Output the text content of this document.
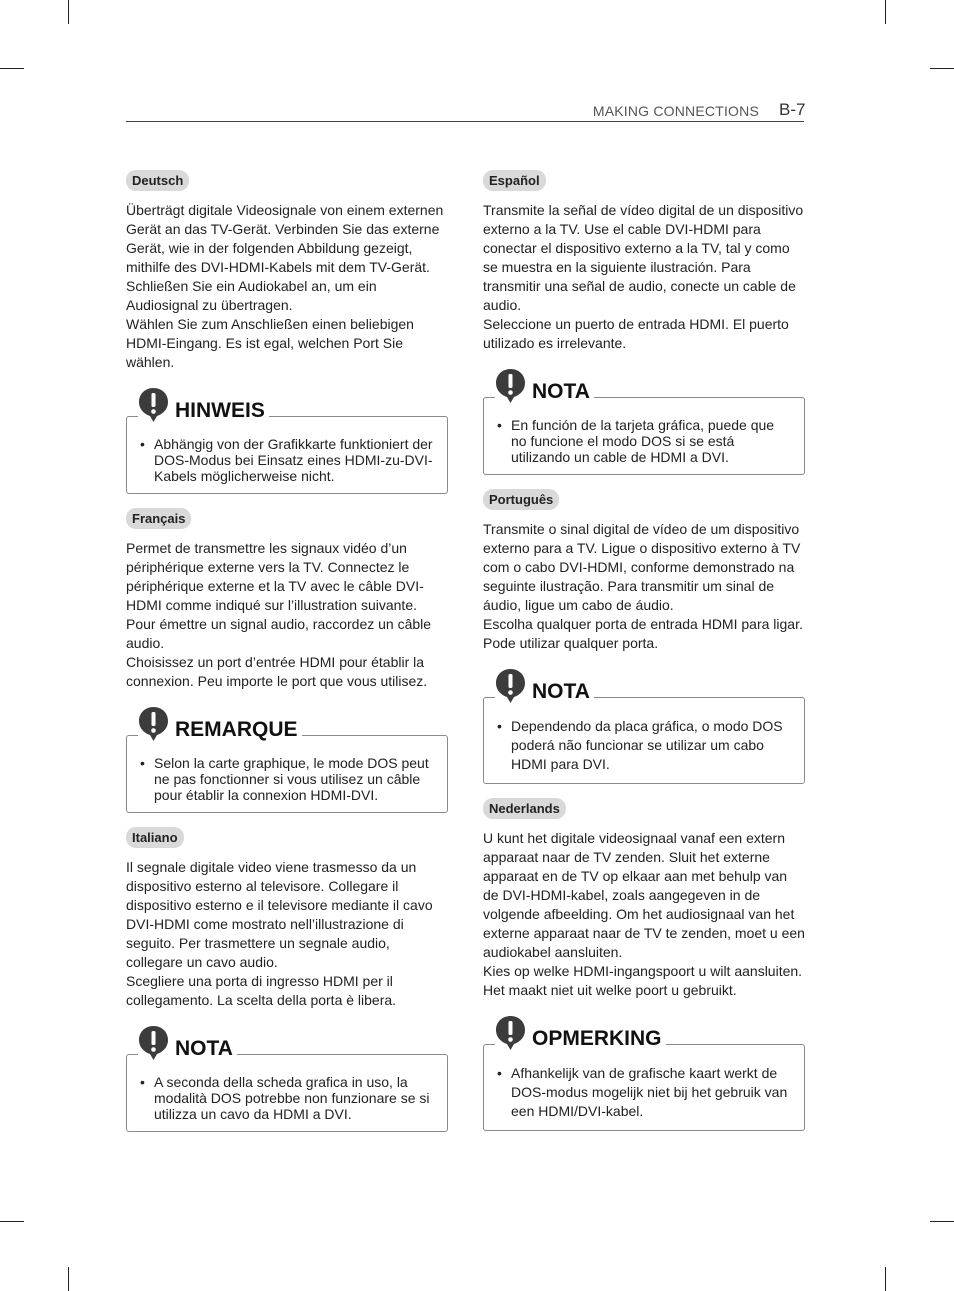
MAKING CONNECTIONS B-7
Deutsch

Überträgt digitale Videosignale von einem externen Gerät an das TV-Gerät. Verbinden Sie das externe Gerät, wie in der folgenden Abbildung gezeigt, mithilfe des DVI-HDMI-Kabels mit dem TV-Gerät. Schließen Sie ein Audiokabel an, um ein Audiosignal zu übertragen.

Wählen Sie zum Anschließen einen beliebigen HDMI-Eingang. Es ist egal, welchen Port Sie wählen.

HINWEIS
• Abhängig von der Grafikkarte funktioniert der DOS-Modus bei Einsatz eines HDMI-zu-DVI-Kabels möglicherweise nicht.
Français

Permet de transmettre les signaux vidéo d’un périphérique externe vers la TV. Connectez le périphérique externe et la TV avec le câble DVI-HDMI comme indiqué sur l’illustration suivante. Pour émettre un signal audio, raccordez un câble audio.

Choisissez un port d’entrée HDMI pour établir la connexion. Peu importe le port que vous utilisez.

REMARQUE
• Selon la carte graphique, le mode DOS peut ne pas fonctionner si vous utilisez un câble pour établir la connexion HDMI-DVI.
Italiano

Il segnale digitale video viene trasmesso da un dispositivo esterno al televisore. Collegare il dispositivo esterno e il televisore mediante il cavo DVI-HDMI come mostrato nell’illustrazione di seguito. Per trasmettere un segnale audio, collegare un cavo audio.

Scegliere una porta di ingresso HDMI per il collegamento. La scelta della porta è libera.

NOTA
• A seconda della scheda grafica in uso, la modalità DOS potrebbe non funzionare se si utilizza un cavo da HDMI a DVI.
Español

Transmite la señal de vídeo digital de un dispositivo externo a la TV. Use el cable DVI-HDMI para conectar el dispositivo externo a la TV, tal y como se muestra en la siguiente ilustración. Para transmitir una señal de audio, conecte un cable de audio.

Seleccione un puerto de entrada HDMI. El puerto utilizado es irrelevante.

NOTA
• En función de la tarjeta gráfica, puede que no funcione el modo DOS si se está utilizando un cable de HDMI a DVI.
Português

Transmite o sinal digital de vídeo de um dispositivo externo para a TV. Ligue o dispositivo externo à TV com o cabo DVI-HDMI, conforme demonstrado na seguinte ilustração. Para transmitir um sinal de áudio, ligue um cabo de áudio.

Escolha qualquer porta de entrada HDMI para ligar. Pode utilizar qualquer porta.

NOTA
• Dependendo da placa gráfica, o modo DOS poderá não funcionar se utilizar um cabo HDMI para DVI.
Nederlands

U kunt het digitale videosignaal vanaf een extern apparaat naar de TV zenden. Sluit het externe apparaat en de TV op elkaar aan met behulp van de DVI-HDMI-kabel, zoals aangegeven in de volgende afbeelding. Om het audiosignaal van het externe apparaat naar de TV te zenden, moet u een audiokabel aansluiten.

Kies op welke HDMI-ingangspoort u wilt aansluiten. Het maakt niet uit welke poort u gebruikt.

OPMERKING
• Afhankelijk van de grafische kaart werkt de DOS-modus mogelijk niet bij het gebruik van een HDMI/DVI-kabel.
